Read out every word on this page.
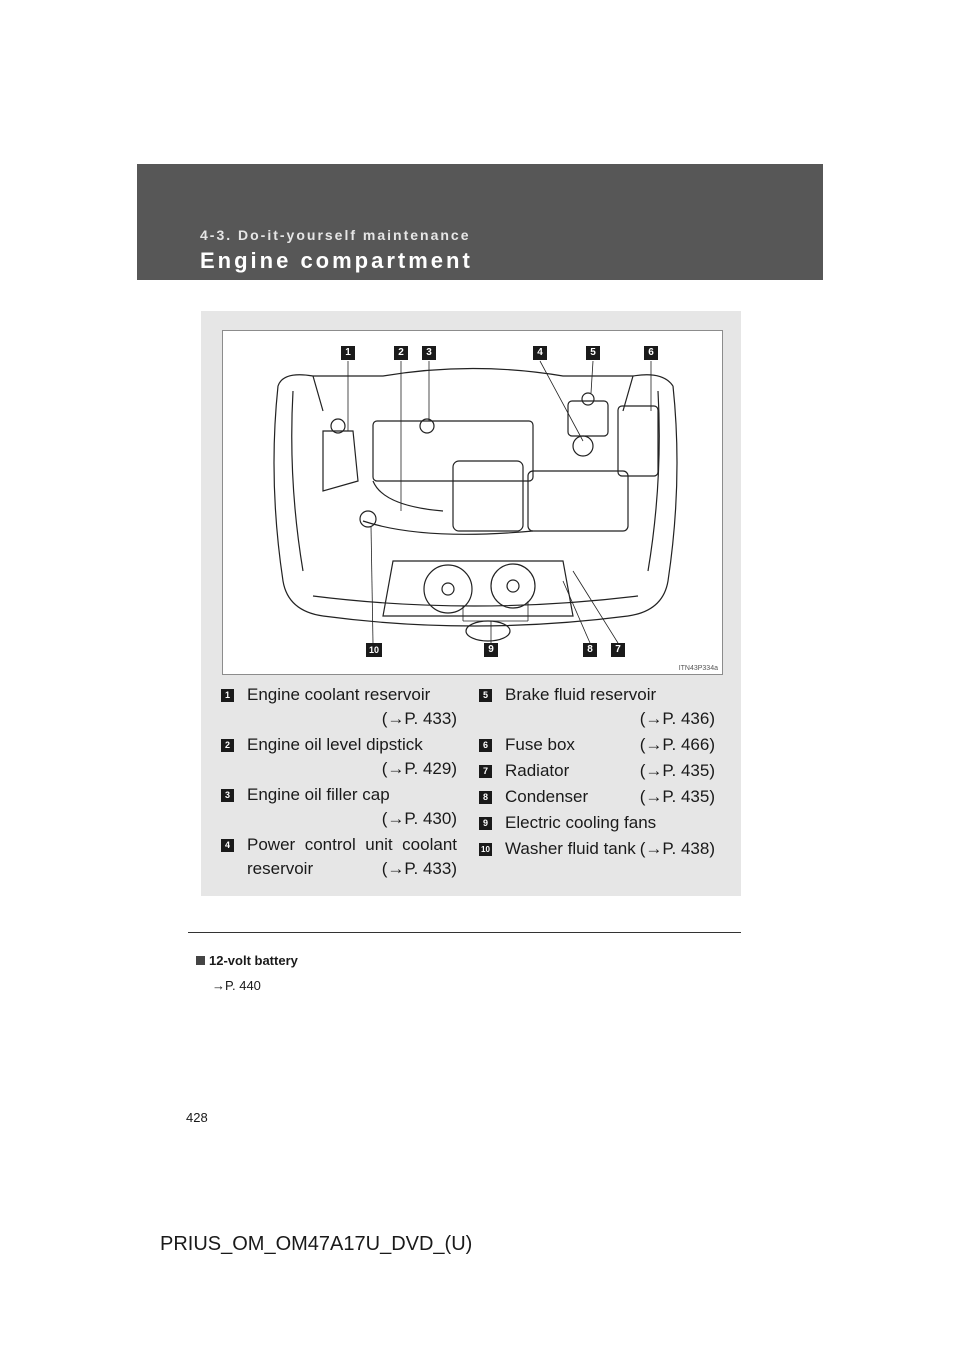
4-3. Do-it-yourself maintenance
Engine compartment
1	2	3	4	5	6
10	9	8	7
ITN43P334a
1 Engine coolant reservoir
(→P. 433)
2 Engine oil level dipstick
(→P. 429)
3 Engine oil filler cap
(→P. 430)
4 Power control unit coolant
reservoir	(→P. 433)
5 Brake fluid reservoir
(→P. 436)
6 Fuse box	(→P. 466)
7 Radiator	(→P. 435)
8 Condenser	(→P. 435)
9 Electric cooling fans
10 Washer fluid tank (→P. 438)
12-volt battery
→P. 440
428
PRIUS_OM_OM47A17U_DVD_(U)
